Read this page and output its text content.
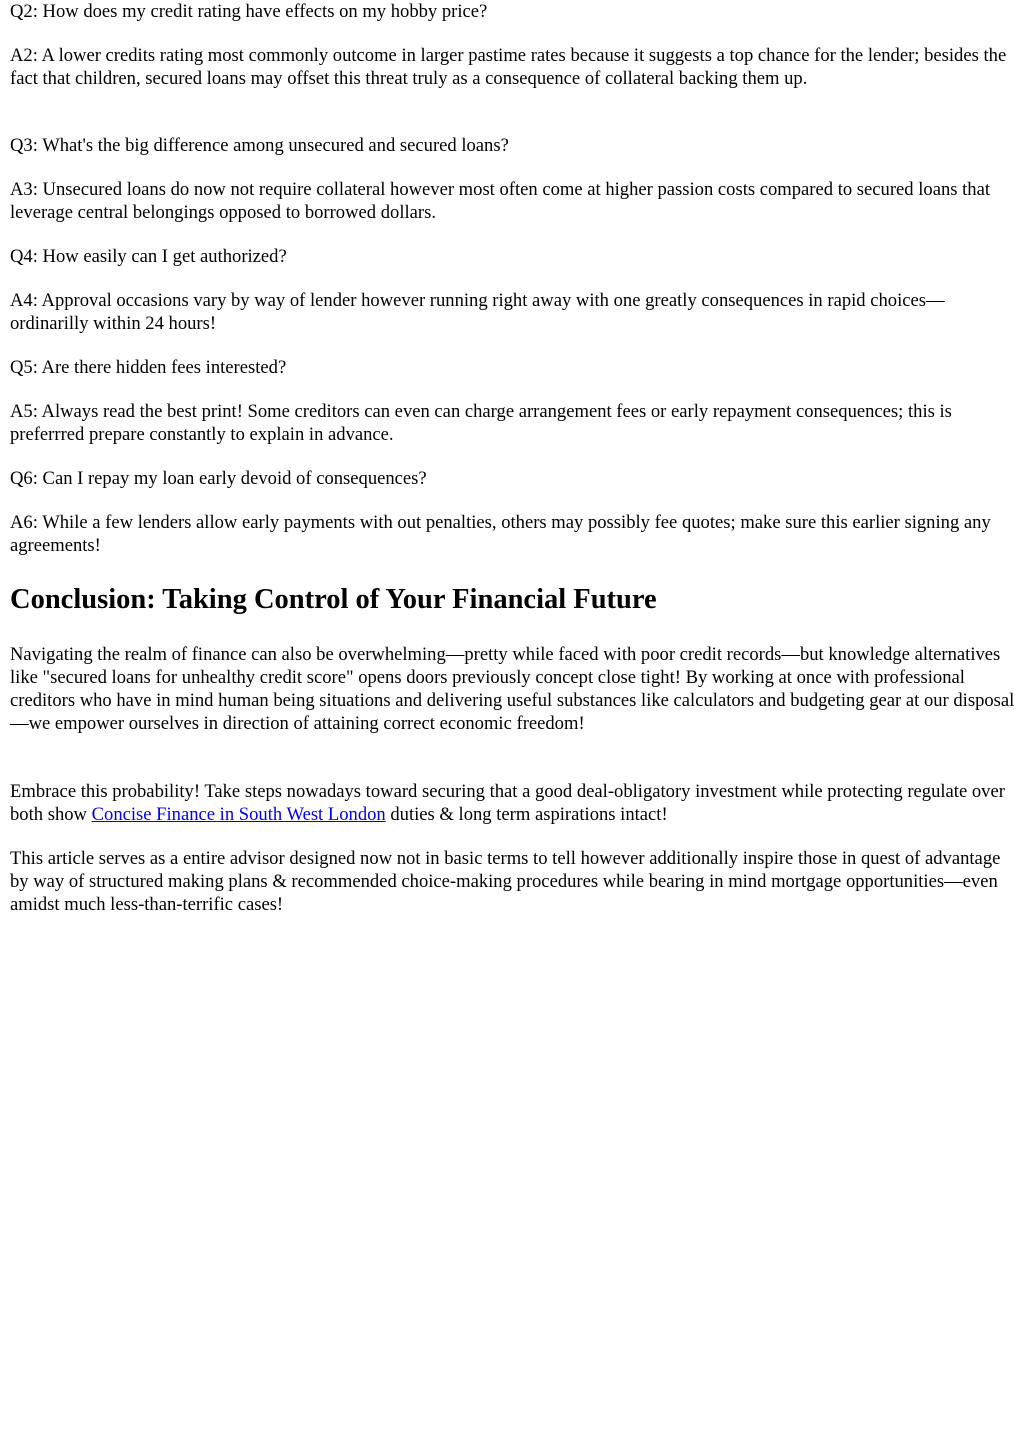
Q2: How does my credit rating have effects on my hobby price?

A2: A lower credits rating most commonly outcome in larger pastime rates because it suggests a top chance for the lender; besides the fact that children, secured loans may offset this threat truly as a consequence of collateral backing them up.

Q3: What's the big difference among unsecured and secured loans?

A3: Unsecured loans do now not require collateral however most often come at higher passion costs compared to secured loans that leverage central belongings opposed to borrowed dollars.

Q4: How easily can I get authorized?

A4: Approval occasions vary by way of lender however running right away with one greatly consequences in rapid choices—ordinarilly within 24 hours!

Q5: Are there hidden fees interested?

A5: Always read the best print! Some creditors can even can charge arrangement fees or early repayment consequences; this is preferrred prepare constantly to explain in advance.

Q6: Can I repay my loan early devoid of consequences?

A6: While a few lenders allow early payments with out penalties, others may possibly fee quotes; make sure this earlier signing any agreements!

Conclusion: Taking Control of Your Financial Future

Navigating the realm of finance can also be overwhelming—pretty while faced with poor credit records—but knowledge alternatives like "secured loans for unhealthy credit score" opens doors previously concept close tight! By working at once with professional creditors who have in mind human being situations and delivering useful substances like calculators and budgeting gear at our disposal—we empower ourselves in direction of attaining correct economic freedom!

Embrace this probability! Take steps nowadays toward securing that a good deal-obligatory investment while protecting regulate over both show Concise Finance in South West London duties & long term aspirations intact!

This article serves as a entire advisor designed now not in basic terms to tell however additionally inspire those in quest of advantage by way of structured making plans & recommended choice-making procedures while bearing in mind mortgage opportunities—even amidst much less-than-terrific cases!
